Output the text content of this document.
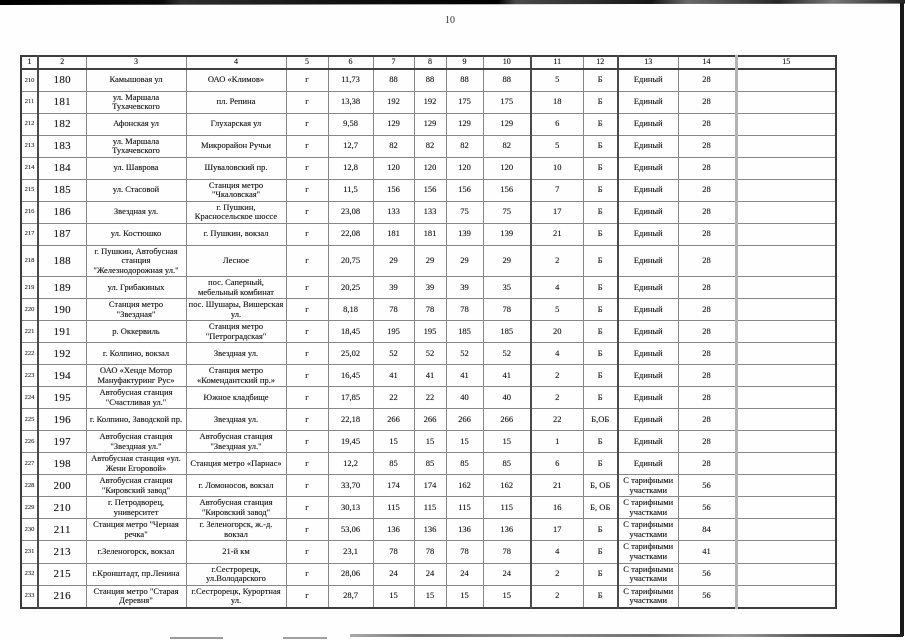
10
1	2	3	4	5	6	7	8	9	10	11	12	13	14	15
210	180	Камышовая ул	ОАО «Климов»	г	11,73	88	88	88	88	5	Б	Единый	28	
211	181	ул. Маршала Тухачевского	пл. Репина	г	13,38	192	192	175	175	18	Б	Единый	28	
212	182	Афонская ул	Глухарская ул	г	9,58	129	129	129	129	6	Б	Единый	28	
213	183	ул. Маршала Тухачевского	Микрорайон Ручьи	г	12,7	82	82	82	82	5	Б	Единый	28	
214	184	ул. Шаврова	Шуваловский пр.	г	12,8	120	120	120	120	10	Б	Единый	28	
215	185	ул. Стасовой	Станция метро "Чкаловская"	г	11,5	156	156	156	156	7	Б	Единый	28	
216	186	Звездная ул.	г. Пушкин, Красносельское шоссе	г	23,08	133	133	75	75	17	Б	Единый	28	
217	187	ул. Костюшко	г. Пушкин, вокзал	г	22,08	181	181	139	139	21	Б	Единый	28	
218	188	г. Пушкин, Автобусная станция "Железнодорожная ул."	Лесное	г	20,75	29	29	29	29	2	Б	Единый	28	
219	189	ул. Грибакиных	пос. Саперный, мебельный комбинат	г	20,25	39	39	39	35	4	Б	Единый	28	
220	190	Станция метро "Звездная"	пос. Шушары, Вишерская ул.	г	8,18	78	78	78	78	5	Б	Единый	28	
221	191	р. Оккервиль	Станция метро "Петроградская"	г	18,45	195	195	185	185	20	Б	Единый	28	
222	192	г. Колпино, вокзал	Звездная ул.	г	25,02	52	52	52	52	4	Б	Единый	28	
223	194	ОАО «Хенде Мотор Мануфактуринг Рус»	Станция метро «Комендантский пр.»	г	16,45	41	41	41	41	2	Б	Единый	28	
224	195	Автобусная станция "Счастливая ул."	Южное кладбище	г	17,85	22	22	40	40	2	Б	Единый	28	
225	196	г. Колпино, Заводской пр.	Звездная ул.	г	22,18	266	266	266	266	22	Б,ОБ	Единый	28	
226	197	Автобусная станция "Звездная ул."	Автобусная станция "Звездная ул."	г	19,45	15	15	15	15	1	Б	Единый	28	
227	198	Автобусная станция «ул. Жени Егоровой»	Станция метро «Парнас»	г	12,2	85	85	85	85	6	Б	Единый	28	
228	200	Автобусная станция "Кировский завод"	г. Ломоносов, вокзал	г	33,70	174	174	162	162	21	Б, ОБ	С тарифными участками	56	
229	210	г. Петродворец, университет	Автобусная станция "Кировский завод"	г	30,13	115	115	115	115	16	Б, ОБ	С тарифными участками	56	
230	211	Станция метро "Черная речка"	г. Зеленогорск, ж.-д. вокзал	г	53,06	136	136	136	136	17	Б	С тарифными участками	84	
231	213	г.Зеленогорск, вокзал	21-й км	г	23,1	78	78	78	78	4	Б	С тарифными участками	41	
232	215	г.Кронштадт, пр.Ленина	г.Сестрорецк, ул.Володарского	г	28,06	24	24	24	24	2	Б	С тарифными участками	56	
233	216	Станция метро "Старая Деревня"	г.Сестрорецк, Курортная ул.	г	28,7	15	15	15	15	2	Б	С тарифными участками	56	
